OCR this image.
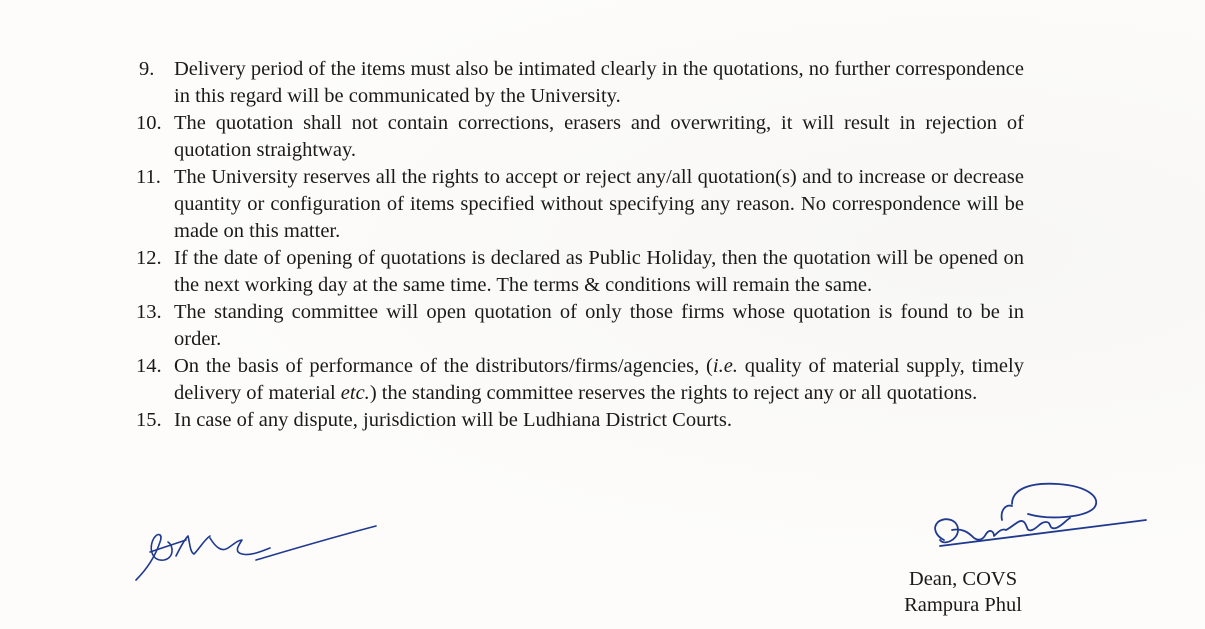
9. Delivery period of the items must also be intimated clearly in the quotations, no further correspondence in this regard will be communicated by the University.
10. The quotation shall not contain corrections, erasers and overwriting, it will result in rejection of quotation straightway.
11. The University reserves all the rights to accept or reject any/all quotation(s) and to increase or decrease quantity or configuration of items specified without specifying any reason. No correspondence will be made on this matter.
12. If the date of opening of quotations is declared as Public Holiday, then the quotation will be opened on the next working day at the same time. The terms & conditions will remain the same.
13. The standing committee will open quotation of only those firms whose quotation is found to be in order.
14. On the basis of performance of the distributors/firms/agencies, (i.e. quality of material supply, timely delivery of material etc.) the standing committee reserves the rights to reject any or all quotations.
15. In case of any dispute, jurisdiction will be Ludhiana District Courts.
Dean, COVS
Rampura Phul
